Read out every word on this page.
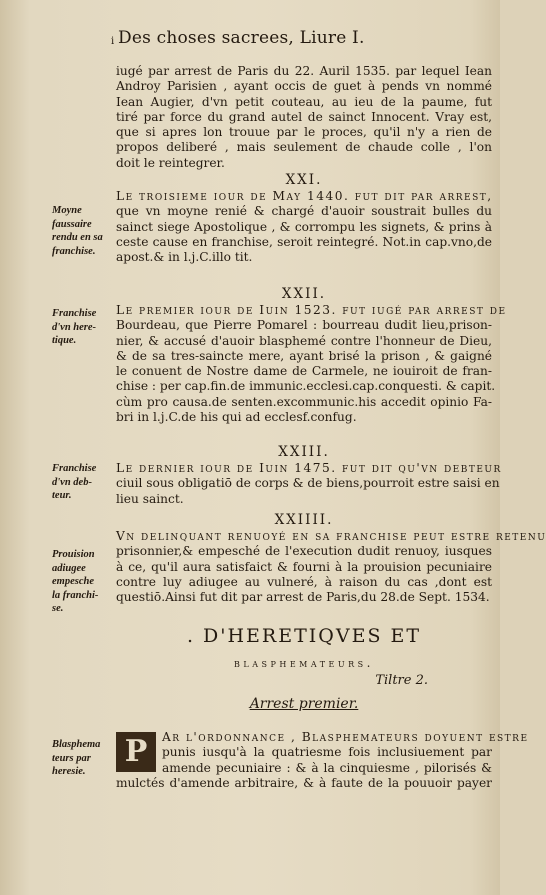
i Des choses sacrees, Liure I.
iugé par arrest de Paris du 22. Auril 1535. par lequel Iean
Androy Parisien , ayant occis de guet à pends vn nommé
Iean Augier, d'vn petit couteau, au ieu de la paume, fut
tiré par force du grand autel de sainct Innocent. Vray est,
que si apres lon trouue par le proces, qu'il n'y a rien de
propos deliberé , mais seulement de chaude colle , l'on
doit le reintegrer.
XXI.
Le troisieme iour de May 1440. fut dit par arrest,
que vn moyne renié & chargé d'auoir soustrait bulles du
sainct siege Apostolique , & corrompu les signets, & prins à
ceste cause en franchise, seroit reintegré. Not.in cap.vno,de
apost.& in l.j.C.illo tit.
Moyne
faussaire
rendu en sa
franchise.
XXII.
Le premier iour de Iuin 1523. fut iugé par arrest de
Bourdeau, que Pierre Pomarel : bourreau dudit lieu,prison-
nier, & accusé d'auoir blasphemé contre l'honneur de Dieu,
& de sa tres-saincte mere, ayant brisé la prison , & gaigné
le conuent de Nostre dame de Carmele, ne iouiroit de fran-
chise : per cap.fin.de immunic.ecclesi.cap.conquesti. & capit.
cùm pro causa.de senten.excommunic.his accedit opinio Fa-
bri in l.j.C.de his qui ad ecclesf.confug.
Franchise
d'vn here-
tique.
XXIII.
Le dernier iour de Iuin 1475. fut dit qu'vn debteur
ciuil sous obligatiō de corps & de biens,pourroit estre saisi en
lieu sainct.
Franchise
d'vn deb-
teur.
XXIIII.
Vn delinquant renuoyé en sa franchise peut estre retenu
prisonnier,& empesché de l'execution dudit renuoy, iusques
à ce, qu'il aura satisfaict & fourni à la prouision pecuniaire
contre luy adiugee au vulneré, à raison du cas ,dont est
questiō.Ainsi fut dit par arrest de Paris,du 28.de Sept. 1534.
Prouision
adiugee
empesche
la franchi-
se.
. D'HERETIQVES ET
blasphemateurs.
Tiltre 2.
Arrest premier.
P	Ar l'ordonnance , Blasphemateurs doyuent estre
punis iusqu'à la quatriesme fois inclusiuement par
amende pecuniaire : & à la cinquiesme , pilorisés &
mulctés d'amende arbitraire, & à faute de la pouuoir payer
Blasphema
teurs par
heresie.
